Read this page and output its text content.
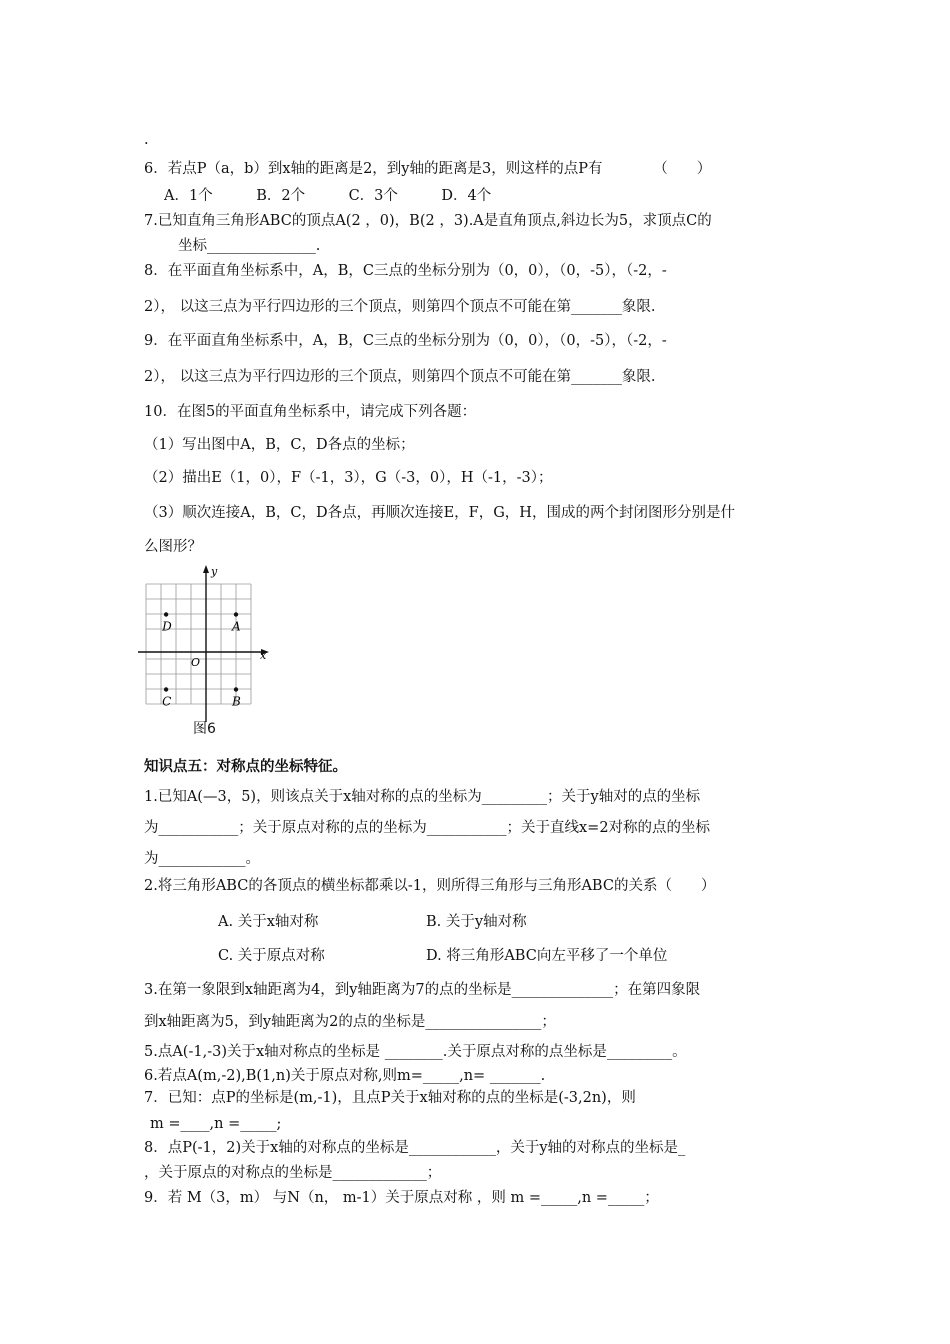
.
6．若点P（a，b）到x轴的距离是2，到y轴的距离是3，则这样的点P有　　　　（　　）
A．1个　　　B．2个　　　C．3个　　　D．4个
7.已知直角三角形ABC的顶点A(2 ，0)，B(2 ，3).A是直角顶点,斜边长为5，求顶点C的
坐标_______________.
8．在平面直角坐标系中，A，B，C三点的坐标分别为（0，0），（0，-5），（-2，-
2）， 以这三点为平行四边形的三个顶点，则第四个顶点不可能在第_______象限.
9．在平面直角坐标系中，A，B，C三点的坐标分别为（0，0），（0，-5），（-2，-
2）， 以这三点为平行四边形的三个顶点，则第四个顶点不可能在第_______象限.
10．在图5的平面直角坐标系中，请完成下列各题：
（1）写出图中A，B，C，D各点的坐标；
（2）描出E（1，0），F（-1，3），G（-3，0），H（-1，-3）；
（3）顺次连接A，B，C，D各点，再顺次连接E，F，G，H，围成的两个封闭图形分别是什
么图形？
x
y
O
A
B
C
D
图6
知识点五：对称点的坐标特征。
1.已知A(—3，5)，则该点关于x轴对称的点的坐标为_________；关于y轴对的点的坐标
为___________；关于原点对称的点的坐标为___________；关于直线x=2对称的点的坐标
为____________。
2.将三角形ABC的各顶点的横坐标都乘以-1，则所得三角形与三角形ABC的关系（　　）
A. 关于x轴对称	B. 关于y轴对称
C. 关于原点对称	D. 将三角形ABC向左平移了一个单位
3.在第一象限到x轴距离为4，到y轴距离为7的点的坐标是______________；在第四象限
到x轴距离为5，到y轴距离为2的点的坐标是________________；
5.点A(-1,-3)关于x轴对称点的坐标是 ________.关于原点对称的点坐标是_________。
6.若点A(m,-2),B(1,n)关于原点对称,则m=_____,n= _______.
7．已知：点P的坐标是(m,-1)，且点P关于x轴对称的点的坐标是(-3,2n)，则
m =____,n =_____;
8．点P(-1，2)关于x轴的对称点的坐标是____________，关于y轴的对称点的坐标是_
，关于原点的对称点的坐标是_____________；
9．若 M（3，m） 与N（n， m-1）关于原点对称 ，则 m =_____,n =_____；
